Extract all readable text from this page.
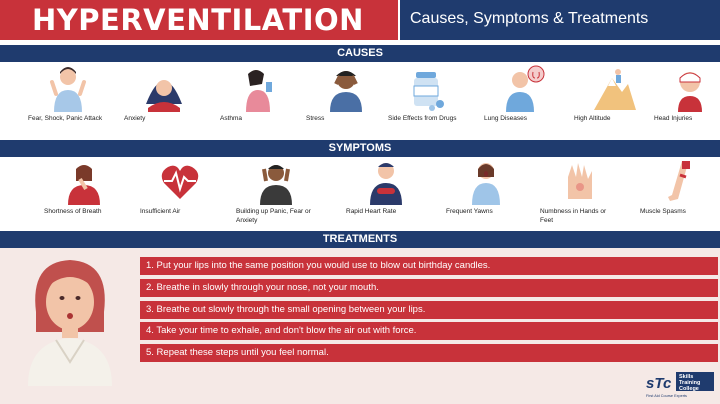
HYPERVENTILATION	Causes, Symptoms & Treatments
CAUSES
Fear, Shock, Panic Attack	Anxiety	Asthma	Stress	Side Effects from Drugs	Lung Diseases	High Altitude	Head Injuries
SYMPTOMS
Shortness of Breath	Insufficient Air	Building up Panic, Fear or Anxiety
Rapid Heart Rate	Frequent Yawns	Numbness in Hands or Feet
Muscle Spasms
TREATMENTS
1. Put your lips into the same position you would use to blow out birthday candles.
2. Breathe in slowly through your nose, not your mouth.
3. Breathe out slowly through the small opening between your lips.
4. Take your time to exhale, and don't blow the air out with force.
5. Repeat these steps until you feel normal.
sTc Skills
Training
College
First Aid Course Experts
